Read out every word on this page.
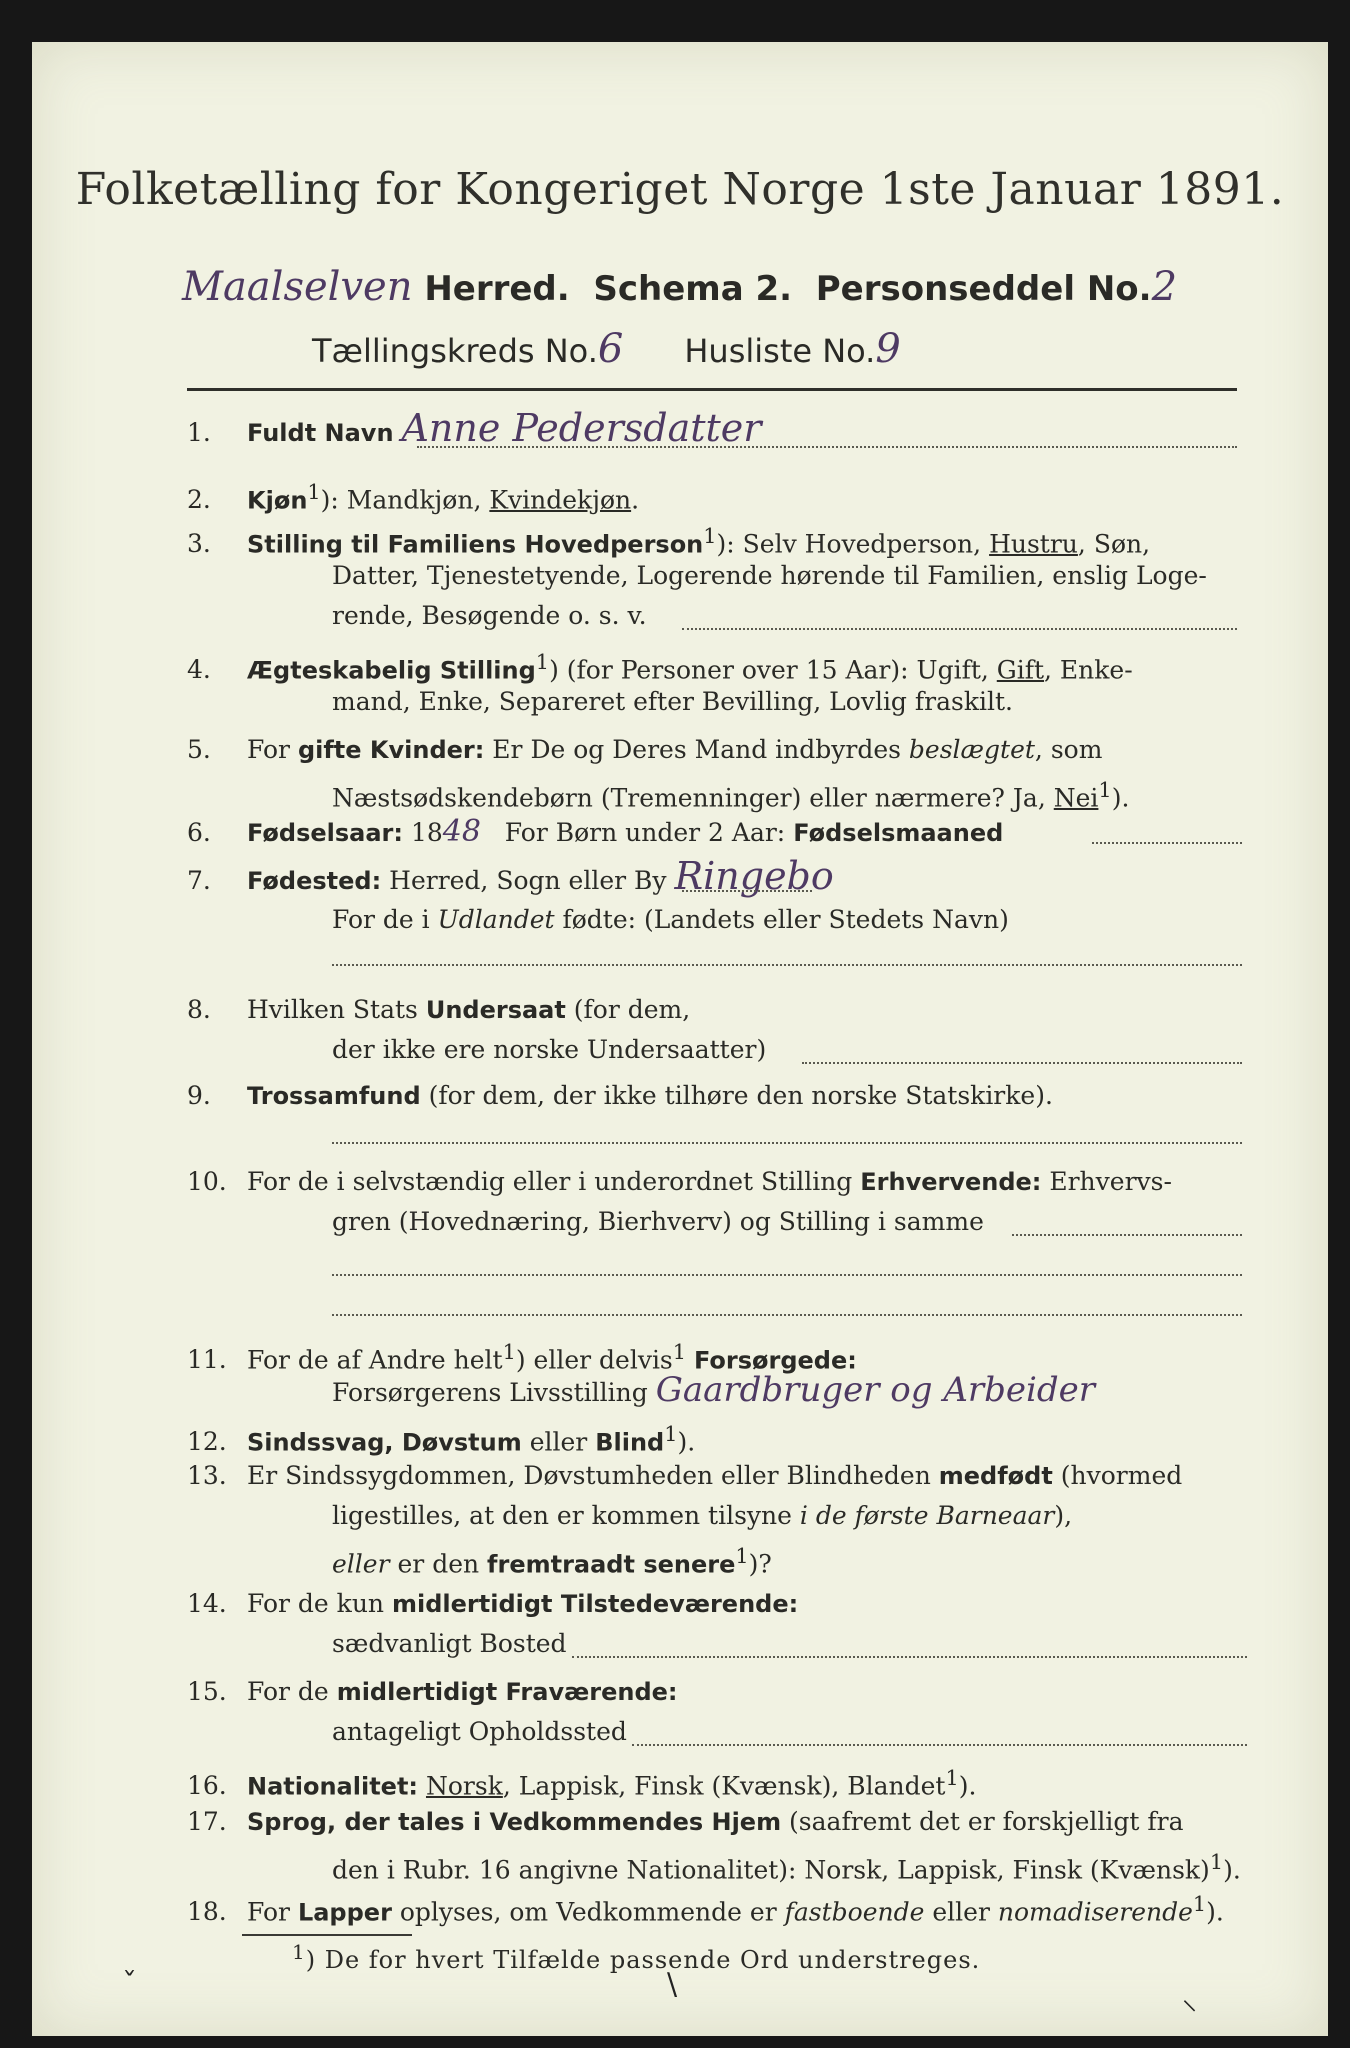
Folketælling for Kongeriget Norge 1ste Januar 1891.
Maalselven Herred. Schema 2. Personseddel No.2
Tællingskreds No.6 Husliste No.9
1. Fuldt Navn Anne Pedersdatter
2. Kjøn$^1$): Mandkjøn, Kvindekjøn.
3. Stilling til Familiens Hovedperson$^1$): Selv Hovedperson, Hustru, Søn,
Datter, Tjenestetyende, Logerende hørende til Familien, enslig Loge-
rende, Besøgende o. s. v.
4. Ægteskabelig Stilling$^1$) (for Personer over 15 Aar): Ugift, Gift, Enke-
mand, Enke, Separeret efter Bevilling, Lovlig fraskilt.
5. For gifte Kvinder: Er De og Deres Mand indbyrdes beslægtet, som
Næstsødskendebørn (Tremenninger) eller nærmere? Ja, Nei$^1$).
6. Fødselsaar: 1848 For Børn under 2 Aar: Fødselsmaaned
7. Fødested: Herred, Sogn eller By Ringebo
For de i Udlandet fødte: (Landets eller Stedets Navn)
8. Hvilken Stats Undersaat (for dem,
der ikke ere norske Undersaatter)
9. Trossamfund (for dem, der ikke tilhøre den norske Statskirke).
10. For de i selvstændig eller i underordnet Stilling Erhvervende: Erhvervs-
gren (Hovednæring, Bierhverv) og Stilling i samme
11. For de af Andre helt$^1$) eller delvis$^1$ Forsørgede:
Forsørgerens Livsstilling Gaardbruger og Arbeider
12. Sindssvag, Døvstum eller Blind$^1$).
13. Er Sindssygdommen, Døvstumheden eller Blindheden medfødt (hvormed
ligestilles, at den er kommen tilsyne i de første Barneaar),
eller er den fremtraadt senere$^1$)?
14. For de kun midlertidigt Tilstedeværende:
sædvanligt Bosted
15. For de midlertidigt Fraværende:
antageligt Opholdssted
16. Nationalitet: Norsk, Lappisk, Finsk (Kvænsk), Blandet$^1$).
17. Sprog, der tales i Vedkommendes Hjem (saafremt det er forskjelligt fra
den i Rubr. 16 angivne Nationalitet): Norsk, Lappisk, Finsk (Kvænsk)$^1$).
18. For Lapper oplyses, om Vedkommende er fastboende eller nomadiserende$^1$).
$^1$) De for hvert Tilfælde passende Ord understreges.
ˇ	\	⸜
